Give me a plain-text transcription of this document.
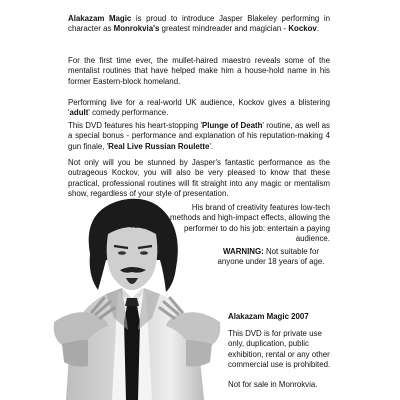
Alakazam Magic is proud to introduce Jasper Blakeley performing in character as Monrokvia's greatest mindreader and magician - Kockov.

For the first time ever, the mullet-haired maestro reveals some of the mentalist routines that have helped make him a house-hold name in his former Eastern-block homeland.

Performing live for a real-world UK audience, Kockov gives a blistering 'adult' comedy performance.

This DVD features his heart-stopping 'Plunge of Death' routine, as well as a special bonus - performance and explanation of his reputation-making 4 gun finale, 'Real Live Russian Roulette'.

Not only will you be stunned by Jasper's fantastic performance as the outrageous Kockov, you will also be very pleased to know that these practical, professional routines will fit straight into any magic or mentalism show, regardless of your style of presentation.

His brand of creativity features low-tech methods and high-impact effects, allowing the performer to do his job: entertain a paying audience.

WARNING: Not suitable for anyone under 18 years of age.

Alakazam Magic 2007

This DVD is for private use only, duplication, public exhibition, rental or any other commercial use is prohibited.

Not for sale in Monrokvia.
